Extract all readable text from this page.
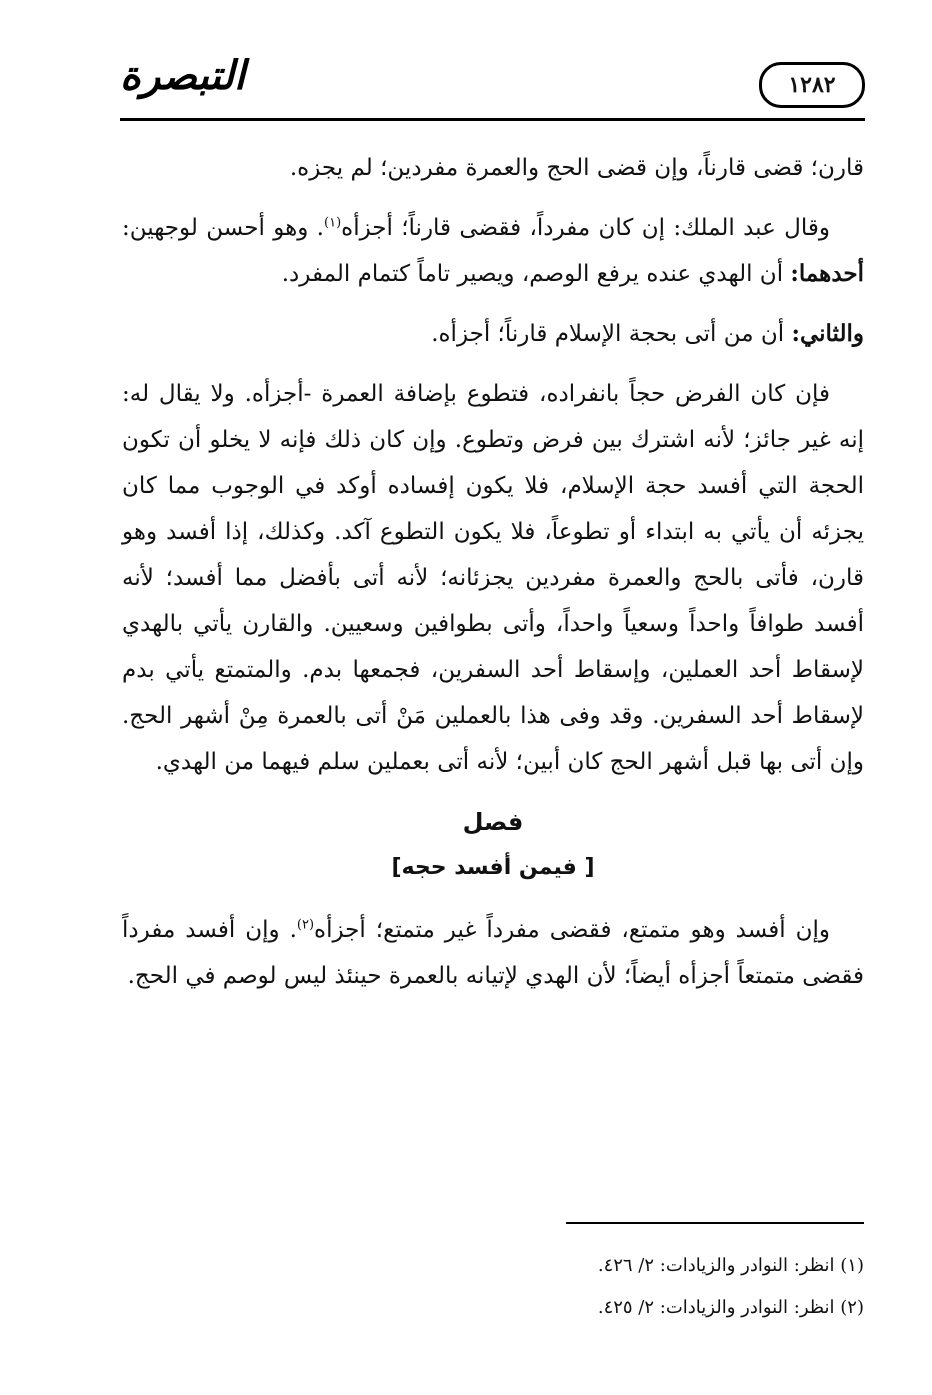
التبصرة	١٢٨٢

قارن؛ قضى قارناً، وإن قضى الحج والعمرة مفردين؛ لم يجزه.

وقال عبد الملك: إن كان مفرداً، فقضى قارناً؛ أجزأه$^{(١)}$. وهو أحسن لوجهين: أحدهما: أن الهدي عنده يرفع الوصم، ويصير تاماً كتمام المفرد.

والثاني: أن من أتى بحجة الإسلام قارناً؛ أجزأه.

فإن كان الفرض حجاً بانفراده، فتطوع بإضافة العمرة -أجزأه. ولا يقال له: إنه غير جائز؛ لأنه اشترك بين فرض وتطوع. وإن كان ذلك فإنه لا يخلو أن تكون الحجة التي أفسد حجة الإسلام، فلا يكون إفساده أوكد في الوجوب مما كان يجزئه أن يأتي به ابتداء أو تطوعاً، فلا يكون التطوع آكد. وكذلك، إذا أفسد وهو قارن، فأتى بالحج والعمرة مفردين يجزئانه؛ لأنه أتى بأفضل مما أفسد؛ لأنه أفسد طوافاً واحداً وسعياً واحداً، وأتى بطوافين وسعيين. والقارن يأتي بالهدي لإسقاط أحد العملين، وإسقاط أحد السفرين، فجمعها بدم. والمتمتع يأتي بدم لإسقاط أحد السفرين. وقد وفى هذا بالعملين مَنْ أتى بالعمرة مِنْ أشهر الحج. وإن أتى بها قبل أشهر الحج كان أبين؛ لأنه أتى بعملين سلم فيهما من الهدي.

فصل
[ فيمن أفسد حجه]

وإن أفسد وهو متمتع، فقضى مفرداً غير متمتع؛ أجزأه$^{(٢)}$. وإن أفسد مفرداً فقضى متمتعاً أجزأه أيضاً؛ لأن الهدي لإتيانه بالعمرة حينئذ ليس لوصم في الحج.

(١) انظر: النوادر والزيادات: ٢/ ٤٢٦.
(٢) انظر: النوادر والزيادات: ٢/ ٤٢٥.
